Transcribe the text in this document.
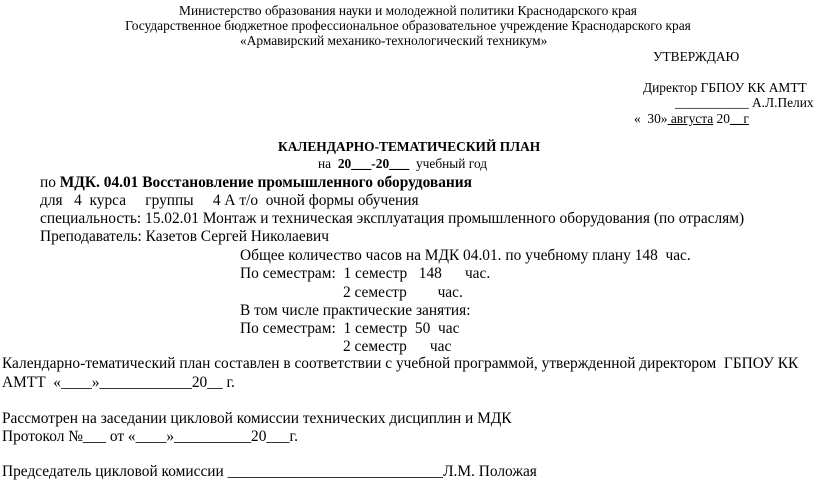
Министерство образования науки и молодежной политики Краснодарского края
Государственное бюджетное профессиональное образовательное учреждение Краснодарского края
«Армавирский механико-технологический техникум»
УТВЕРЖДАЮ
Директор ГБПОУ КК АМТТ
___________ А.Л.Пелих
«  30» августа 20__г
КАЛЕНДАРНО-ТЕМАТИЧЕСКИЙ ПЛАН
на  20___-20___  учебный год
по МДК. 04.01 Восстановление промышленного оборудования
для   4  курса     группы     4 А т/о  очной формы обучения
специальность: 15.02.01 Монтаж и техническая эксплуатация промышленного оборудования (по отраслям)
Преподаватель: Казетов Сергей Николаевич
Общее количество часов на МДК 04.01. по учебному плану 148  час.
По семестрам:  1 семестр   148      час.
2 семестр        час.
В том числе практические занятия:
По семестрам:  1 семестр  50  час
2 семестр      час
Календарно-тематический план составлен в соответствии с учебной программой, утвержденной директором  ГБПОУ КК
АМТТ  «____»____________20__ г.
Рассмотрен на заседании цикловой комиссии технических дисциплин и МДК
Протокол №___ от «____»__________20___г.
Председатель цикловой комиссии ____________________________Л.М. Положая
